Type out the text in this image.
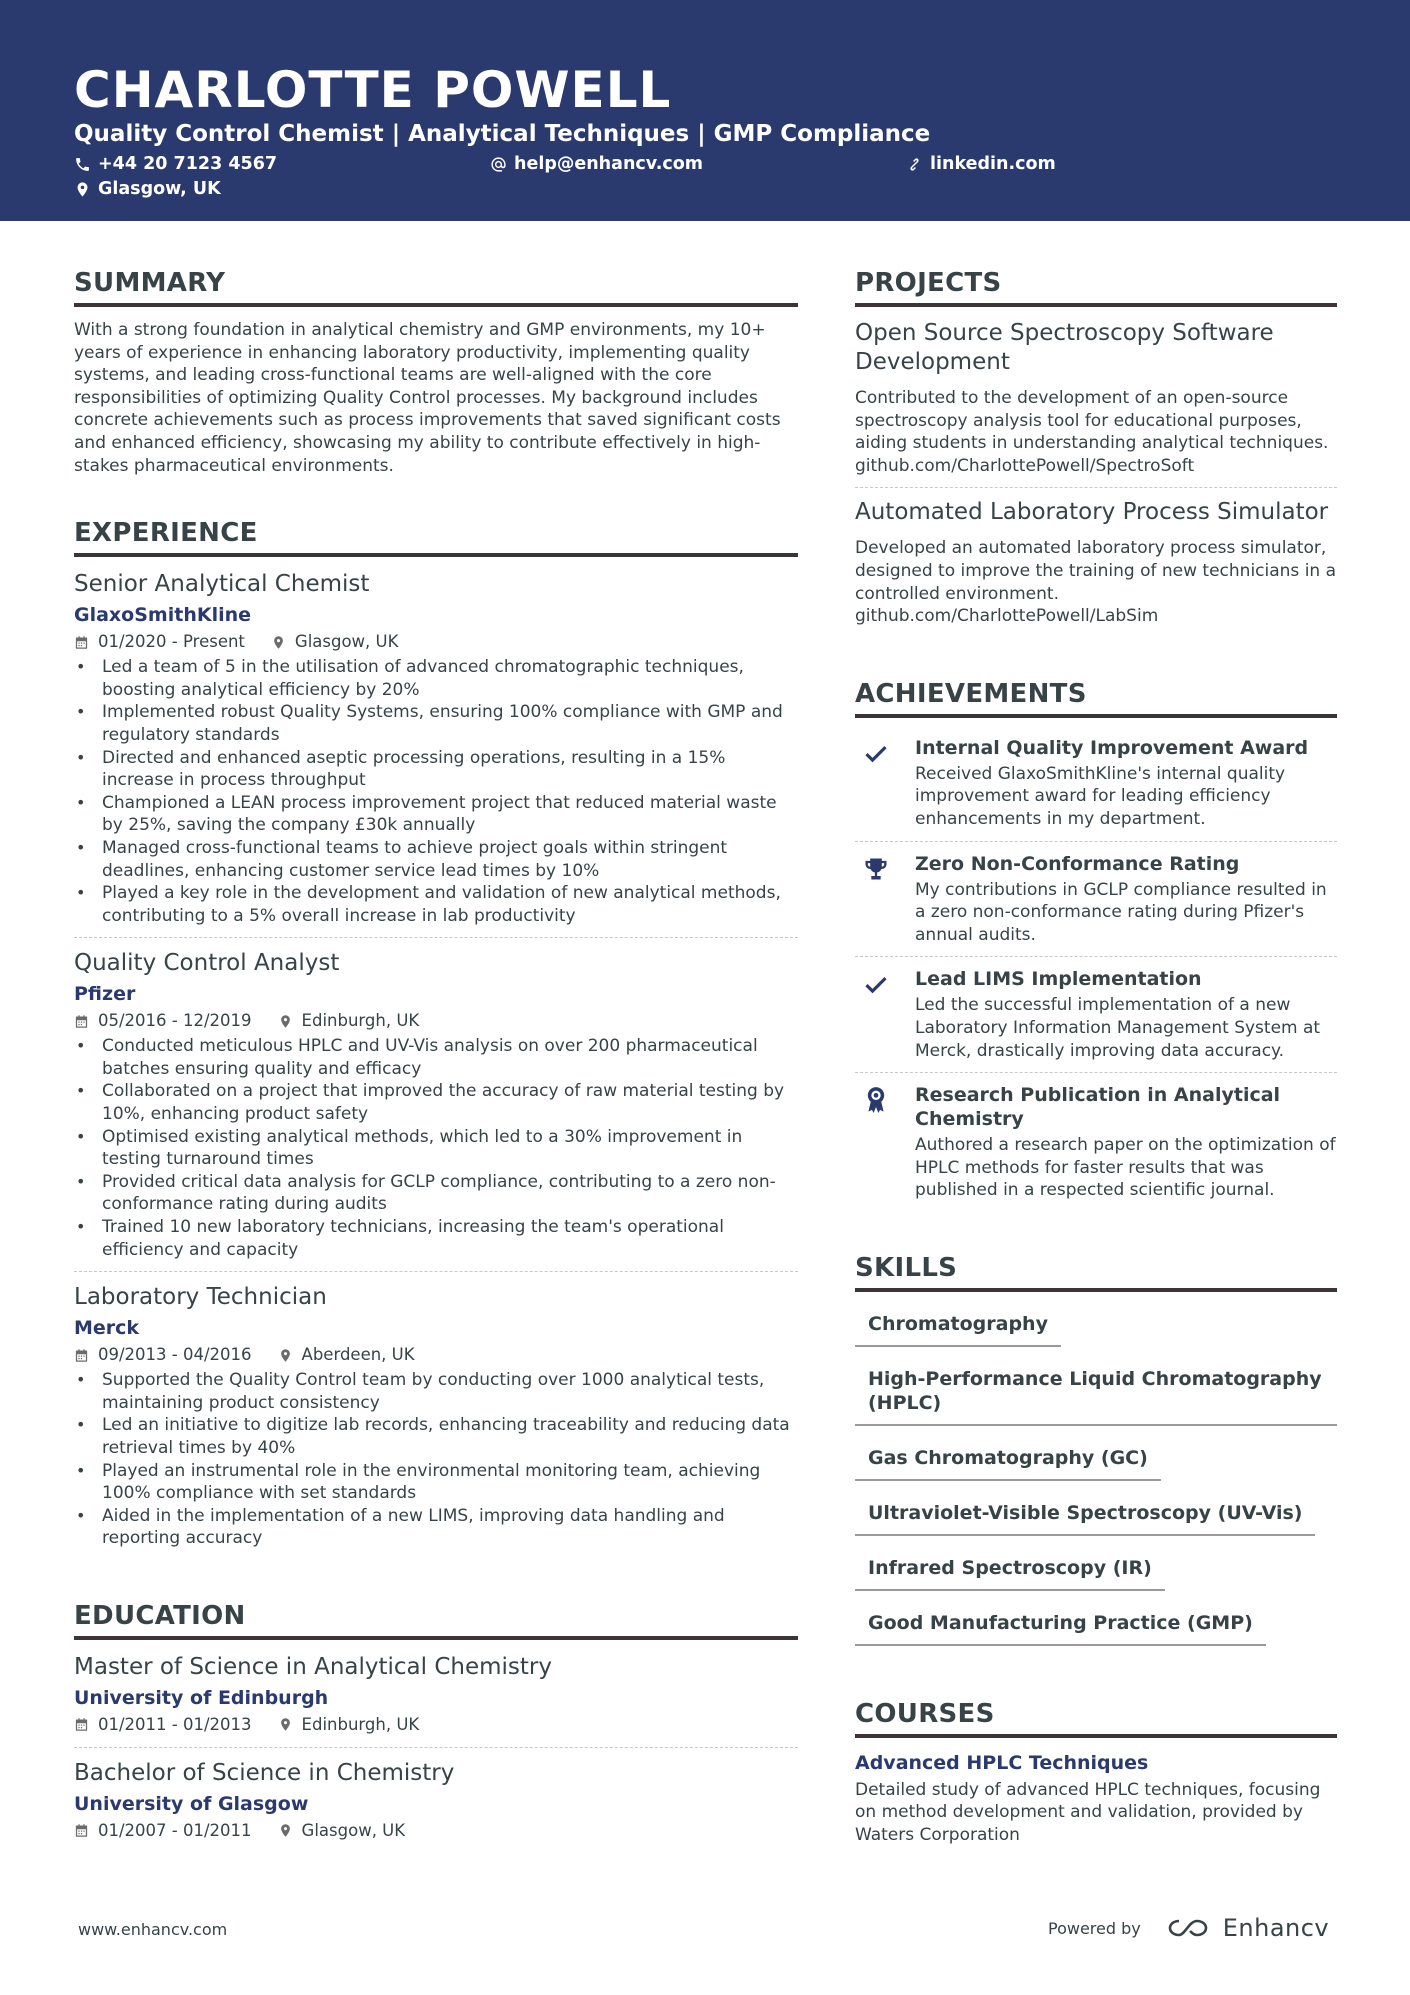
CHARLOTTE POWELL
Quality Control Chemist | Analytical Techniques | GMP Compliance
+44 20 7123 4567	help@enhancv.com	linkedin.com
Glasgow, UK
SUMMARY
With a strong foundation in analytical chemistry and GMP environments, my 10+ years of experience in enhancing laboratory productivity, implementing quality systems, and leading cross-functional teams are well-aligned with the core responsibilities of optimizing Quality Control processes. My background includes concrete achievements such as process improvements that saved significant costs and enhanced efficiency, showcasing my ability to contribute effectively in high-stakes pharmaceutical environments.
EXPERIENCE
Senior Analytical Chemist
GlaxoSmithKline
01/2020 - Present	Glasgow, UK
• Led a team of 5 in the utilisation of advanced chromatographic techniques, boosting analytical efficiency by 20%
• Implemented robust Quality Systems, ensuring 100% compliance with GMP and regulatory standards
• Directed and enhanced aseptic processing operations, resulting in a 15% increase in process throughput
• Championed a LEAN process improvement project that reduced material waste by 25%, saving the company £30k annually
• Managed cross-functional teams to achieve project goals within stringent deadlines, enhancing customer service lead times by 10%
• Played a key role in the development and validation of new analytical methods, contributing to a 5% overall increase in lab productivity
Quality Control Analyst
Pfizer
05/2016 - 12/2019	Edinburgh, UK
• Conducted meticulous HPLC and UV-Vis analysis on over 200 pharmaceutical batches ensuring quality and efficacy
• Collaborated on a project that improved the accuracy of raw material testing by 10%, enhancing product safety
• Optimised existing analytical methods, which led to a 30% improvement in testing turnaround times
• Provided critical data analysis for GCLP compliance, contributing to a zero non-conformance rating during audits
• Trained 10 new laboratory technicians, increasing the team's operational efficiency and capacity
Laboratory Technician
Merck
09/2013 - 04/2016	Aberdeen, UK
• Supported the Quality Control team by conducting over 1000 analytical tests, maintaining product consistency
• Led an initiative to digitize lab records, enhancing traceability and reducing data retrieval times by 40%
• Played an instrumental role in the environmental monitoring team, achieving 100% compliance with set standards
• Aided in the implementation of a new LIMS, improving data handling and reporting accuracy
EDUCATION
Master of Science in Analytical Chemistry
University of Edinburgh
01/2011 - 01/2013	Edinburgh, UK
Bachelor of Science in Chemistry
University of Glasgow
01/2007 - 01/2011	Glasgow, UK
PROJECTS
Open Source Spectroscopy Software Development
Contributed to the development of an open-source spectroscopy analysis tool for educational purposes, aiding students in understanding analytical techniques. github.com/CharlottePowell/SpectroSoft
Automated Laboratory Process Simulator
Developed an automated laboratory process simulator, designed to improve the training of new technicians in a controlled environment. github.com/CharlottePowell/LabSim
ACHIEVEMENTS
Internal Quality Improvement Award
Received GlaxoSmithKline's internal quality improvement award for leading efficiency enhancements in my department.
Zero Non-Conformance Rating
My contributions in GCLP compliance resulted in a zero non-conformance rating during Pfizer's annual audits.
Lead LIMS Implementation
Led the successful implementation of a new Laboratory Information Management System at Merck, drastically improving data accuracy.
Research Publication in Analytical Chemistry
Authored a research paper on the optimization of HPLC methods for faster results that was published in a respected scientific journal.
SKILLS
Chromatography
High-Performance Liquid Chromatography (HPLC)
Gas Chromatography (GC)
Ultraviolet-Visible Spectroscopy (UV-Vis)
Infrared Spectroscopy (IR)
Good Manufacturing Practice (GMP)
COURSES
Advanced HPLC Techniques
Detailed study of advanced HPLC techniques, focusing on method development and validation, provided by Waters Corporation
www.enhancv.com	Powered by	Enhancv
